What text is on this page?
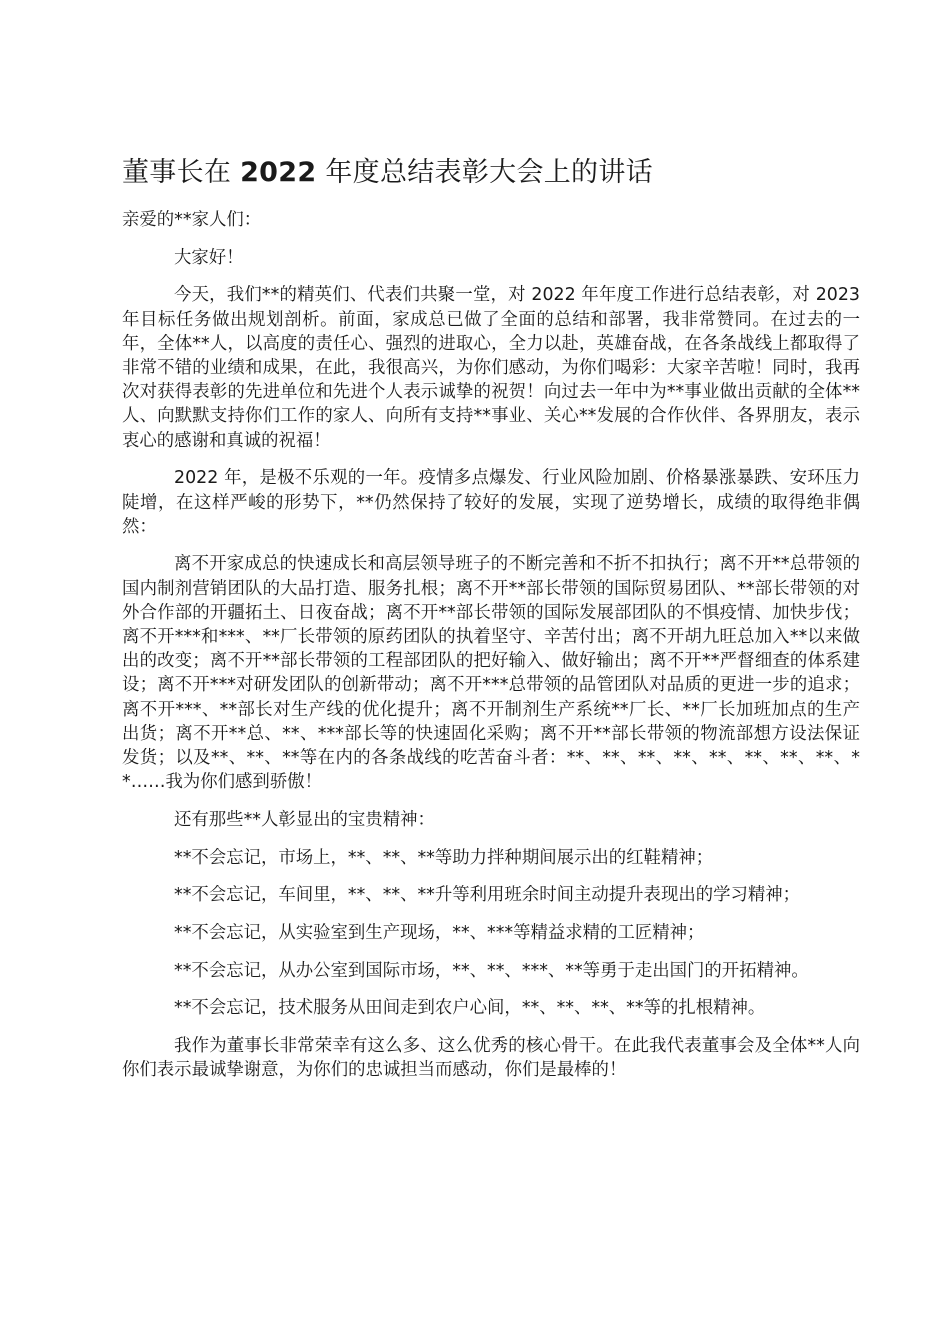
董事长在 2022 年度总结表彰大会上的讲话

亲爱的**家人们：

大家好！

今天，我们**的精英们、代表们共聚一堂，对 2022 年年度工作进行总结表彰，对 2023 年目标任务做出规划剖析。前面，家成总已做了全面的总结和部署，我非常赞同。在过去的一年，全体**人，以高度的责任心、强烈的进取心，全力以赴，英雄奋战，在各条战线上都取得了非常不错的业绩和成果，在此，我很高兴，为你们感动，为你们喝彩：大家辛苦啦！同时，我再次对获得表彰的先进单位和先进个人表示诚挚的祝贺！向过去一年中为**事业做出贡献的全体**人、向默默支持你们工作的家人、向所有支持**事业、关心**发展的合作伙伴、各界朋友，表示衷心的感谢和真诚的祝福！

2022 年，是极不乐观的一年。疫情多点爆发、行业风险加剧、价格暴涨暴跌、安环压力陡增，在这样严峻的形势下，**仍然保持了较好的发展，实现了逆势增长，成绩的取得绝非偶然：

离不开家成总的快速成长和高层领导班子的不断完善和不折不扣执行；离不开**总带领的国内制剂营销团队的大品打造、服务扎根；离不开**部长带领的国际贸易团队、**部长带领的对外合作部的开疆拓土、日夜奋战；离不开**部长带领的国际发展部团队的不惧疫情、加快步伐；离不开***和***、**厂长带领的原药团队的执着坚守、辛苦付出；离不开胡九旺总加入**以来做出的改变；离不开**部长带领的工程部团队的把好输入、做好输出；离不开**严督细查的体系建设；离不开***对研发团队的创新带动；离不开***总带领的品管团队对品质的更进一步的追求；离不开***、**部长对生产线的优化提升；离不开制剂生产系统**厂长、**厂长加班加点的生产出货；离不开**总、**、***部长等的快速固化采购；离不开**部长带领的物流部想方设法保证发货；以及**、**、**等在内的各条战线的吃苦奋斗者：**、**、**、**、**、**、**、**、**……我为你们感到骄傲！

还有那些**人彰显出的宝贵精神：

**不会忘记，市场上，**、**、**等助力拌种期间展示出的红鞋精神；

**不会忘记，车间里，**、**、**升等利用班余时间主动提升表现出的学习精神；

**不会忘记，从实验室到生产现场，**、***等精益求精的工匠精神；

**不会忘记，从办公室到国际市场，**、**、***、**等勇于走出国门的开拓精神。

**不会忘记，技术服务从田间走到农户心间，**、**、**、**等的扎根精神。

我作为董事长非常荣幸有这么多、这么优秀的核心骨干。在此我代表董事会及全体**人向你们表示最诚挚谢意，为你们的忠诚担当而感动，你们是最棒的！
